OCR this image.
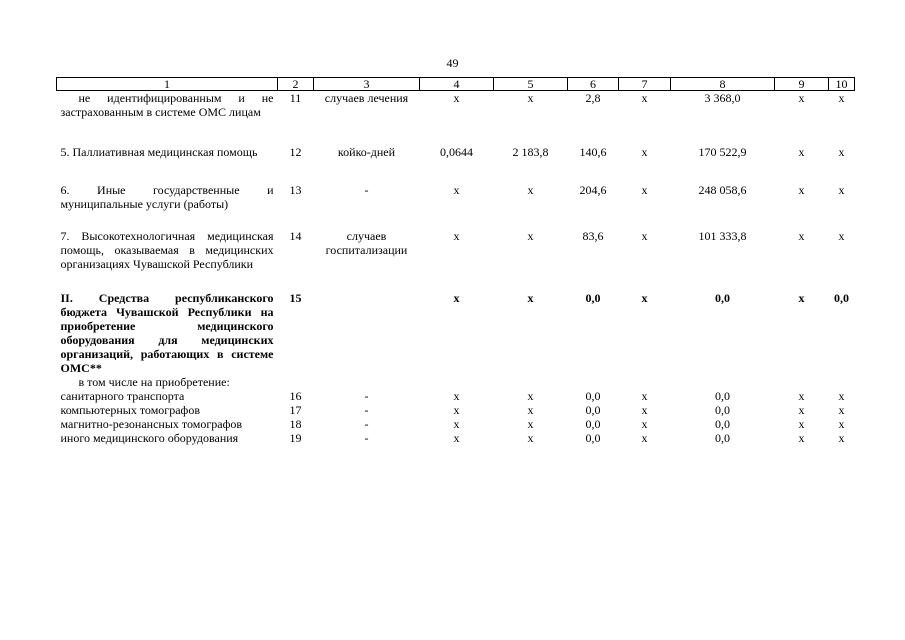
49
1	2	3	4	5	6	7	8	9	10
не идентифицированным и не застрахованным в системе ОМС лицам	11	случаев лечения	х	х	2,8	х	3 368,0	х	х
5. Паллиативная медицинская помощь	12	койко-дней	0,0644	2 183,8	140,6	х	170 522,9	х	х
6. Иные государственные и муниципальные услуги (работы)	13	-	х	х	204,6	х	248 058,6	х	х
7. Высокотехнологичная медицинская помощь, оказываемая в медицинских организациях Чувашской Республики	14	случаев госпитализации	х	х	83,6	х	101 333,8	х	х
II. Средства республиканского бюджета Чувашской Республики на приобретение медицинского оборудования для медицинских организаций, работающих в системе ОМС**	15		х	х	0,0	х	0,0	х	0,0
в том числе на приобретение:									
санитарного транспорта	16	-	х	х	0,0	х	0,0	х	х
компьютерных томографов	17	-	х	х	0,0	х	0,0	х	х
магнитно-резонансных томографов	18	-	х	х	0,0	х	0,0	х	х
иного медицинского оборудования	19	-	х	х	0,0	х	0,0	х	х
